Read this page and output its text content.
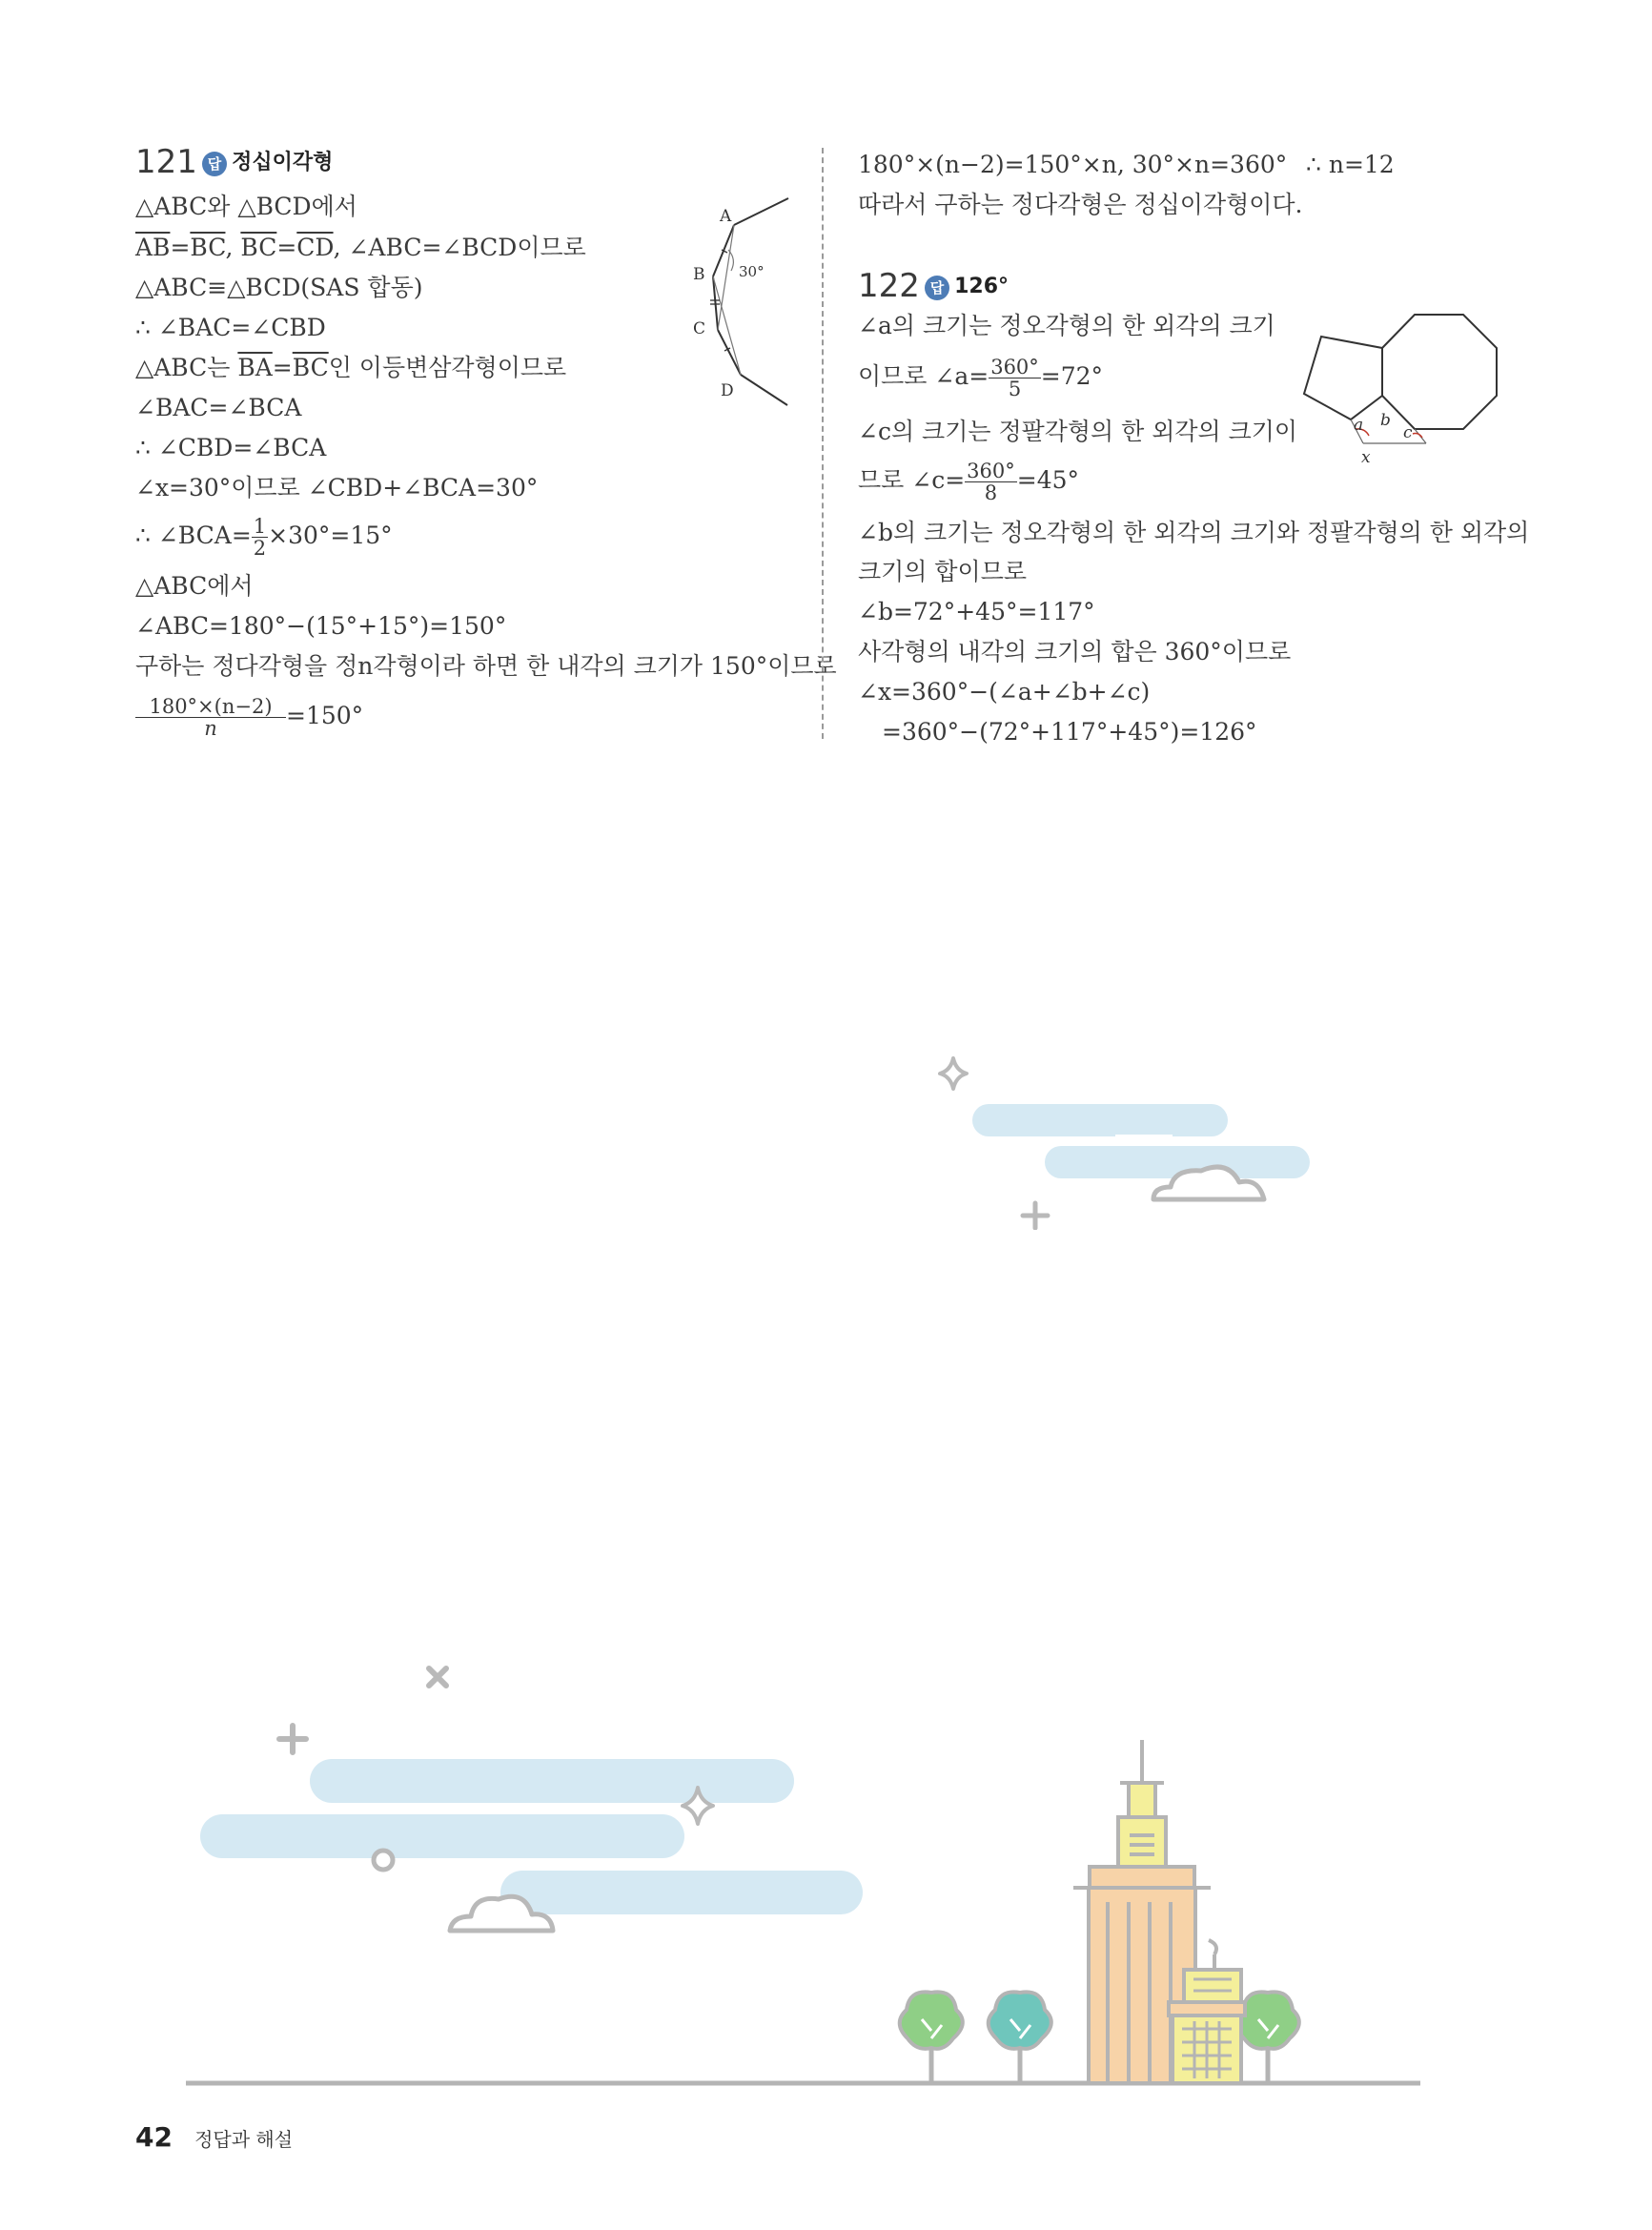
121 답 정십이각형
△ABC와 △BCD에서
$\overline{AB}=\overline{BC}$, $\overline{BC}=\overline{CD}$, ∠ABC=∠BCD이므로
△ABC≡△BCD(SAS 합동)
∴ ∠BAC=∠CBD
△ABC는 $\overline{BA}=\overline{BC}$인 이등변삼각형이므로
∠BAC=∠BCA
∴ ∠CBD=∠BCA
∠x=30°이므로 ∠CBD+∠BCA=30°
∴ ∠BCA= $\frac{1}{2} \times 30^\circ=15^\circ$
△ABC에서
∠ABC=180°−(15°+15°)=150°
구하는 정다각형을 정n각형이라 하면 한 내각의 크기가 150°이므로
$\frac{180^\circ\times(n-2)}{n} =150^\circ$
A
B
C
D
30°
180°×(n−2)=150°×n, 30°×n=360° ∴ n=12
따라서 구하는 정다각형은 정십이각형이다.
122 답 126°
∠a의 크기는 정오각형의 한 외각의 크기
이므로 ∠a= $\frac{360^\circ}{5} =72^\circ$
∠c의 크기는 정팔각형의 한 외각의 크기이
므로 ∠c= $\frac{360^\circ}{8} =45^\circ$
∠b의 크기는 정오각형의 한 외각의 크기와 정팔각형의 한 외각의
크기의 합이므로
∠b=72°+45°=117°
사각형의 내각의 크기의 합은 360°이므로
∠x=360°−(∠a+∠b+∠c)
=360°−(72°+117°+45°)=126°
a b
c
x
42 정답과 해설
